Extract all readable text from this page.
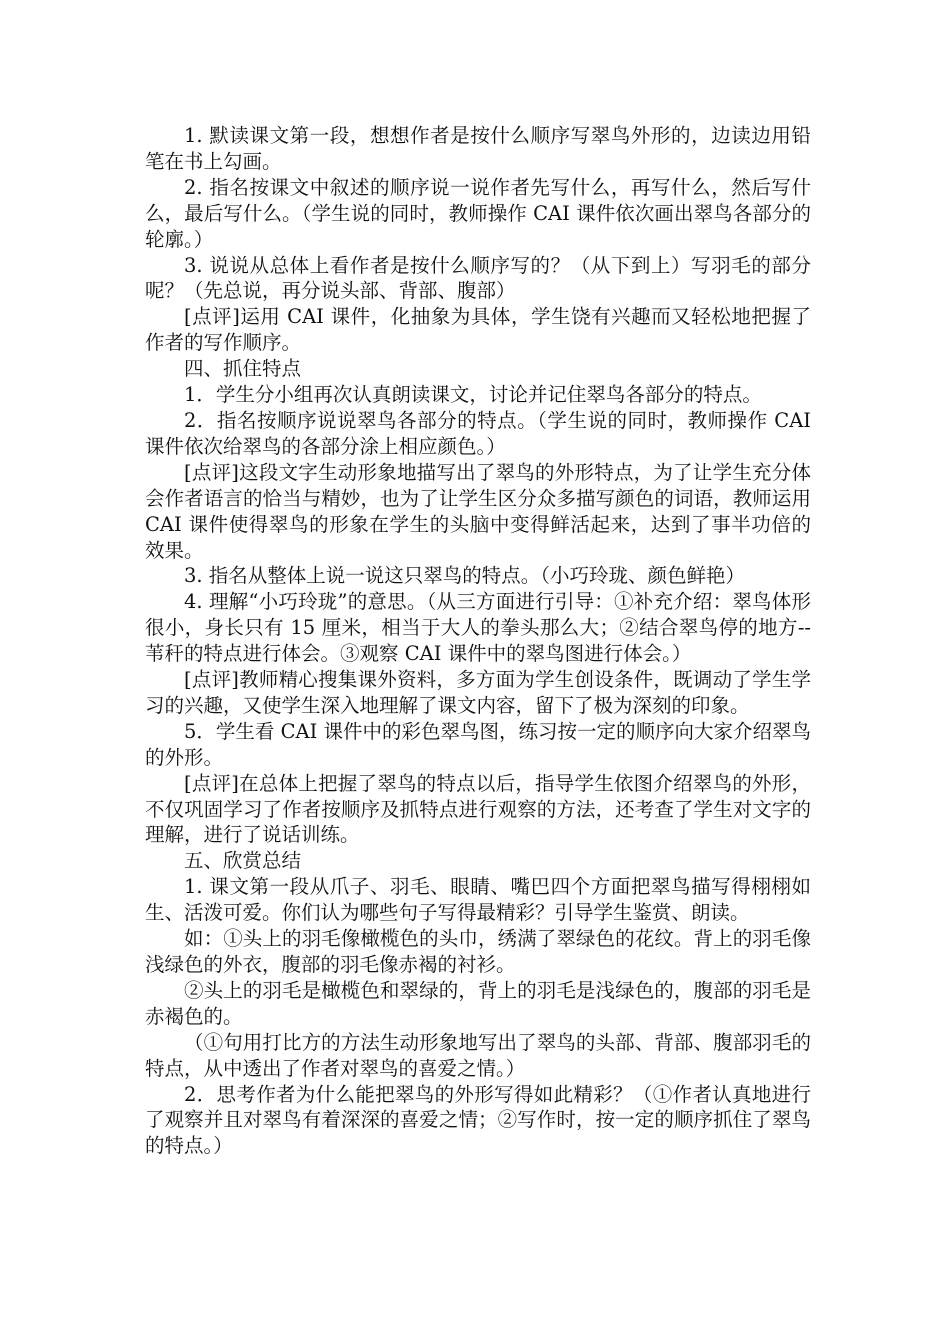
1. 默读课文第一段，想想作者是按什么顺序写翠鸟外形的，边读边用铅笔在书上勾画。

2. 指名按课文中叙述的顺序说一说作者先写什么，再写什么，然后写什么，最后写什么。（学生说的同时，教师操作 CAI 课件依次画出翠鸟各部分的轮廓。）

3. 说说从总体上看作者是按什么顺序写的？（从下到上）写羽毛的部分呢？（先总说，再分说头部、背部、腹部）

[点评]运用 CAI 课件，化抽象为具体，学生饶有兴趣而又轻松地把握了作者的写作顺序。

四、抓住特点

1．学生分小组再次认真朗读课文，讨论并记住翠鸟各部分的特点。

2．指名按顺序说说翠鸟各部分的特点。（学生说的同时，教师操作 CAI 课件依次给翠鸟的各部分涂上相应颜色。）

[点评]这段文字生动形象地描写出了翠鸟的外形特点，为了让学生充分体会作者语言的恰当与精妙，也为了让学生区分众多描写颜色的词语，教师运用 CAI 课件使得翠鸟的形象在学生的头脑中变得鲜活起来，达到了事半功倍的效果。

3. 指名从整体上说一说这只翠鸟的特点。（小巧玲珑、颜色鲜艳）

4. 理解“小巧玲珑”的意思。（从三方面进行引导：①补充介绍：翠鸟体形很小，身长只有 15 厘米，相当于大人的拳头那么大；②结合翠鸟停的地方--苇秆的特点进行体会。③观察 CAI 课件中的翠鸟图进行体会。）

[点评]教师精心搜集课外资料，多方面为学生创设条件，既调动了学生学习的兴趣，又使学生深入地理解了课文内容，留下了极为深刻的印象。

5．学生看 CAI 课件中的彩色翠鸟图，练习按一定的顺序向大家介绍翠鸟的外形。

[点评]在总体上把握了翠鸟的特点以后，指导学生依图介绍翠鸟的外形，不仅巩固学习了作者按顺序及抓特点进行观察的方法，还考查了学生对文字的理解，进行了说话训练。

五、欣赏总结

1. 课文第一段从爪子、羽毛、眼睛、嘴巴四个方面把翠鸟描写得栩栩如生、活泼可爱。你们认为哪些句子写得最精彩？引导学生鉴赏、朗读。

如：①头上的羽毛像橄榄色的头巾，绣满了翠绿色的花纹。背上的羽毛像浅绿色的外衣，腹部的羽毛像赤褐的衬衫。

②头上的羽毛是橄榄色和翠绿的，背上的羽毛是浅绿色的，腹部的羽毛是赤褐色的。

（①句用打比方的方法生动形象地写出了翠鸟的头部、背部、腹部羽毛的特点，从中透出了作者对翠鸟的喜爱之情。）

2．思考作者为什么能把翠鸟的外形写得如此精彩？（①作者认真地进行了观察并且对翠鸟有着深深的喜爱之情；②写作时，按一定的顺序抓住了翠鸟的特点。）
